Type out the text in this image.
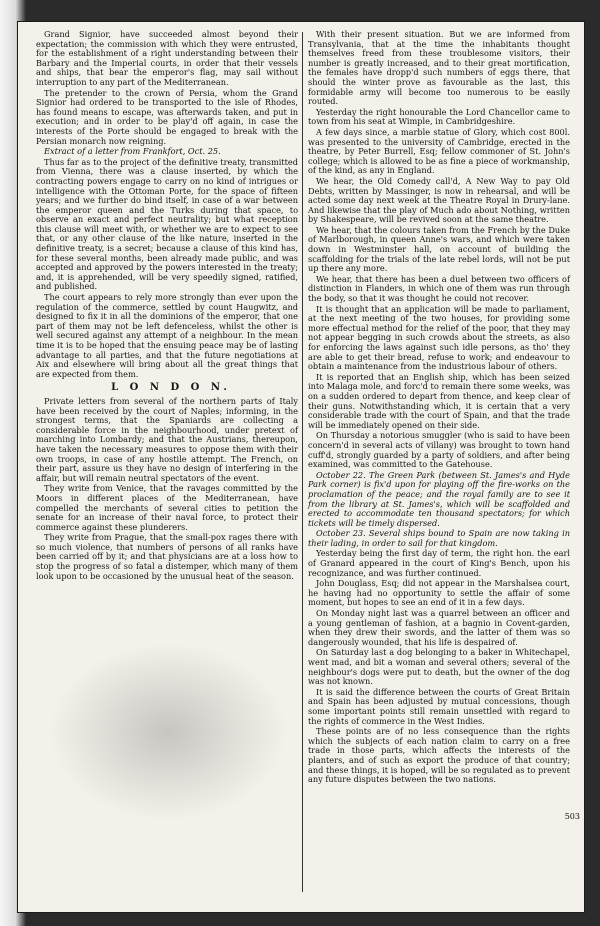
Grand Signior, have succeeded almost beyond their expectation; the commission with which they were entrusted, for the establishment of a right understanding between their Barbary and the Imperial courts, in order that their vessels and ships, that bear the emperor's flag, may sail without interruption to any part of the Mediterranean.

The pretender to the crown of Persia, whom the Grand Signior had ordered to be transported to the isle of Rhodes, has found means to escape, was afterwards taken, and put in execution; and in order to be play'd off again, in case the interests of the Porte should be engaged to break with the Persian monarch now reigning.

Extract of a letter from Frankfort, Oct. 25.

Thus far as to the project of the definitive treaty, transmitted from Vienna, there was a clause inserted, by which the contracting powers engage to carry on no kind of intrigues or intelligence with the Ottoman Porte, for the space of fifteen years; and we further do bind itself, in case of a war between the emperor queen and the Turks during that space, to observe an exact and perfect neutrality; but what reception this clause will meet with, or whether we are to expect to see that, or any other clause of the like nature, inserted in the definitive treaty, is a secret; because a clause of this kind has, for these several months, been already made public, and was accepted and approved by the powers interested in the treaty; and, it is apprehended, will be very speedily signed, ratified, and published.

The court appears to rely more strongly than ever upon the regulation of the commerce, settled by count Haugwitz, and designed to fix it in all the dominions of the emperor, that one part of them may not be left defenceless, whilst the other is well secured against any attempt of a neighbour. In the mean time it is to be hoped that the ensuing peace may be of lasting advantage to all parties, and that the future negotiations at Aix and elsewhere will bring about all the great things that are expected from them.

L O N D O N.

Private letters from several of the northern parts of Italy have been received by the court of Naples; informing, in the strongest terms, that the Spaniards are collecting a considerable force in the neighbourhood, under pretext of marching into Lombardy; and that the Austrians, thereupon, have taken the necessary measures to oppose them with their own troops, in case of any hostile attempt. The French, on their part, assure us they have no design of interfering in the affair, but will remain neutral spectators of the event.

They write from Venice, that the ravages committed by the Moors in different places of the Mediterranean, have compelled the merchants of several cities to petition the senate for an increase of their naval force, to protect their commerce against these plunderers.

They write from Prague, that the small-pox rages there with so much violence, that numbers of persons of all ranks have been carried off by it; and that physicians are at a loss how to stop the progress of so fatal a distemper, which many of them look upon to be occasioned by the unusual heat of the season.

With their present situation. But we are informed from Transylvania, that at the time the inhabitants thought themselves freed from these troublesome visitors, their number is greatly increased, and to their great mortification, the females have dropp'd such numbers of eggs there, that should the winter prove as favourable as the last, this formidable army will become too numerous to be easily routed.

Yesterday the right honourable the Lord Chancellor came to town from his seat at Wimple, in Cambridgeshire.

A few days since, a marble statue of Glory, which cost 800l. was presented to the university of Cambridge, erected in the theatre, by Peter Burrell, Esq; fellow commoner of St. John's college; which is allowed to be as fine a piece of workmanship, of the kind, as any in England.

We hear, the Old Comedy call'd, A New Way to pay Old Debts, written by Massinger, is now in rehearsal, and will be acted some day next week at the Theatre Royal in Drury-lane. And likewise that the play of Much ado about Nothing, written by Shakespeare, will be revived soon at the same theatre.

We hear, that the colours taken from the French by the Duke of Marlborough, in queen Anne's wars, and which were taken down in Westminster hall, on account of building the scaffolding for the trials of the late rebel lords, will not be put up there any more.

We hear, that there has been a duel between two officers of distinction in Flanders, in which one of them was run through the body, so that it was thought he could not recover.

It is thought that an application will be made to parliament, at the next meeting of the two houses, for providing some more effectual method for the relief of the poor, that they may not appear begging in such crowds about the streets, as also for enforcing the laws against such idle persons, as tho' they are able to get their bread, refuse to work; and endeavour to obtain a maintenance from the industrious labour of others.

It is reported that an English ship, which has been seized into Malaga mole, and forc'd to remain there some weeks, was on a sudden ordered to depart from thence, and keep clear of their guns. Notwithstanding which, it is certain that a very considerable trade with the court of Spain, and that the trade will be immediately opened on their side.

On Thursday a notorious smuggler (who is said to have been concern'd in several acts of villany) was brought to town hand cuff'd, strongly guarded by a party of soldiers, and after being examined, was committed to the Gatehouse.

October 22. The Green Park (between St. James's and Hyde Park corner) is fix'd upon for playing off the fire-works on the proclamation of the peace; and the royal family are to see it from the library at St. James's, which will be scaffolded and erected to accommodate ten thousand spectators; for which tickets will be timely dispersed.

October 23. Several ships bound to Spain are now taking in their lading, in order to sail for that kingdom.

Yesterday being the first day of term, the right hon. the earl of Granard appeared in the court of King's Bench, upon his recognizance, and was further continued.

John Douglass, Esq; did not appear in the Marshalsea court, he having had no opportunity to settle the affair of some moment, but hopes to see an end of it in a few days.

On Monday night last was a quarrel between an officer and a young gentleman of fashion, at a bagnio in Covent-garden, when they drew their swords, and the latter of them was so dangerously wounded, that his life is despaired of.

On Saturday last a dog belonging to a baker in Whitechapel, went mad, and bit a woman and several others; several of the neighbour's dogs were put to death, but the owner of the dog was not known.

It is said the difference between the courts of Great Britain and Spain has been adjusted by mutual concessions, though some important points still remain unsettled with regard to the rights of commerce in the West Indies.

These points are of no less consequence than the rights which the subjects of each nation claim to carry on a free trade in those parts, which affects the interests of the planters, and of such as export the produce of that country; and these things, it is hoped, will be so regulated as to prevent any future disputes between the two nations.

503
